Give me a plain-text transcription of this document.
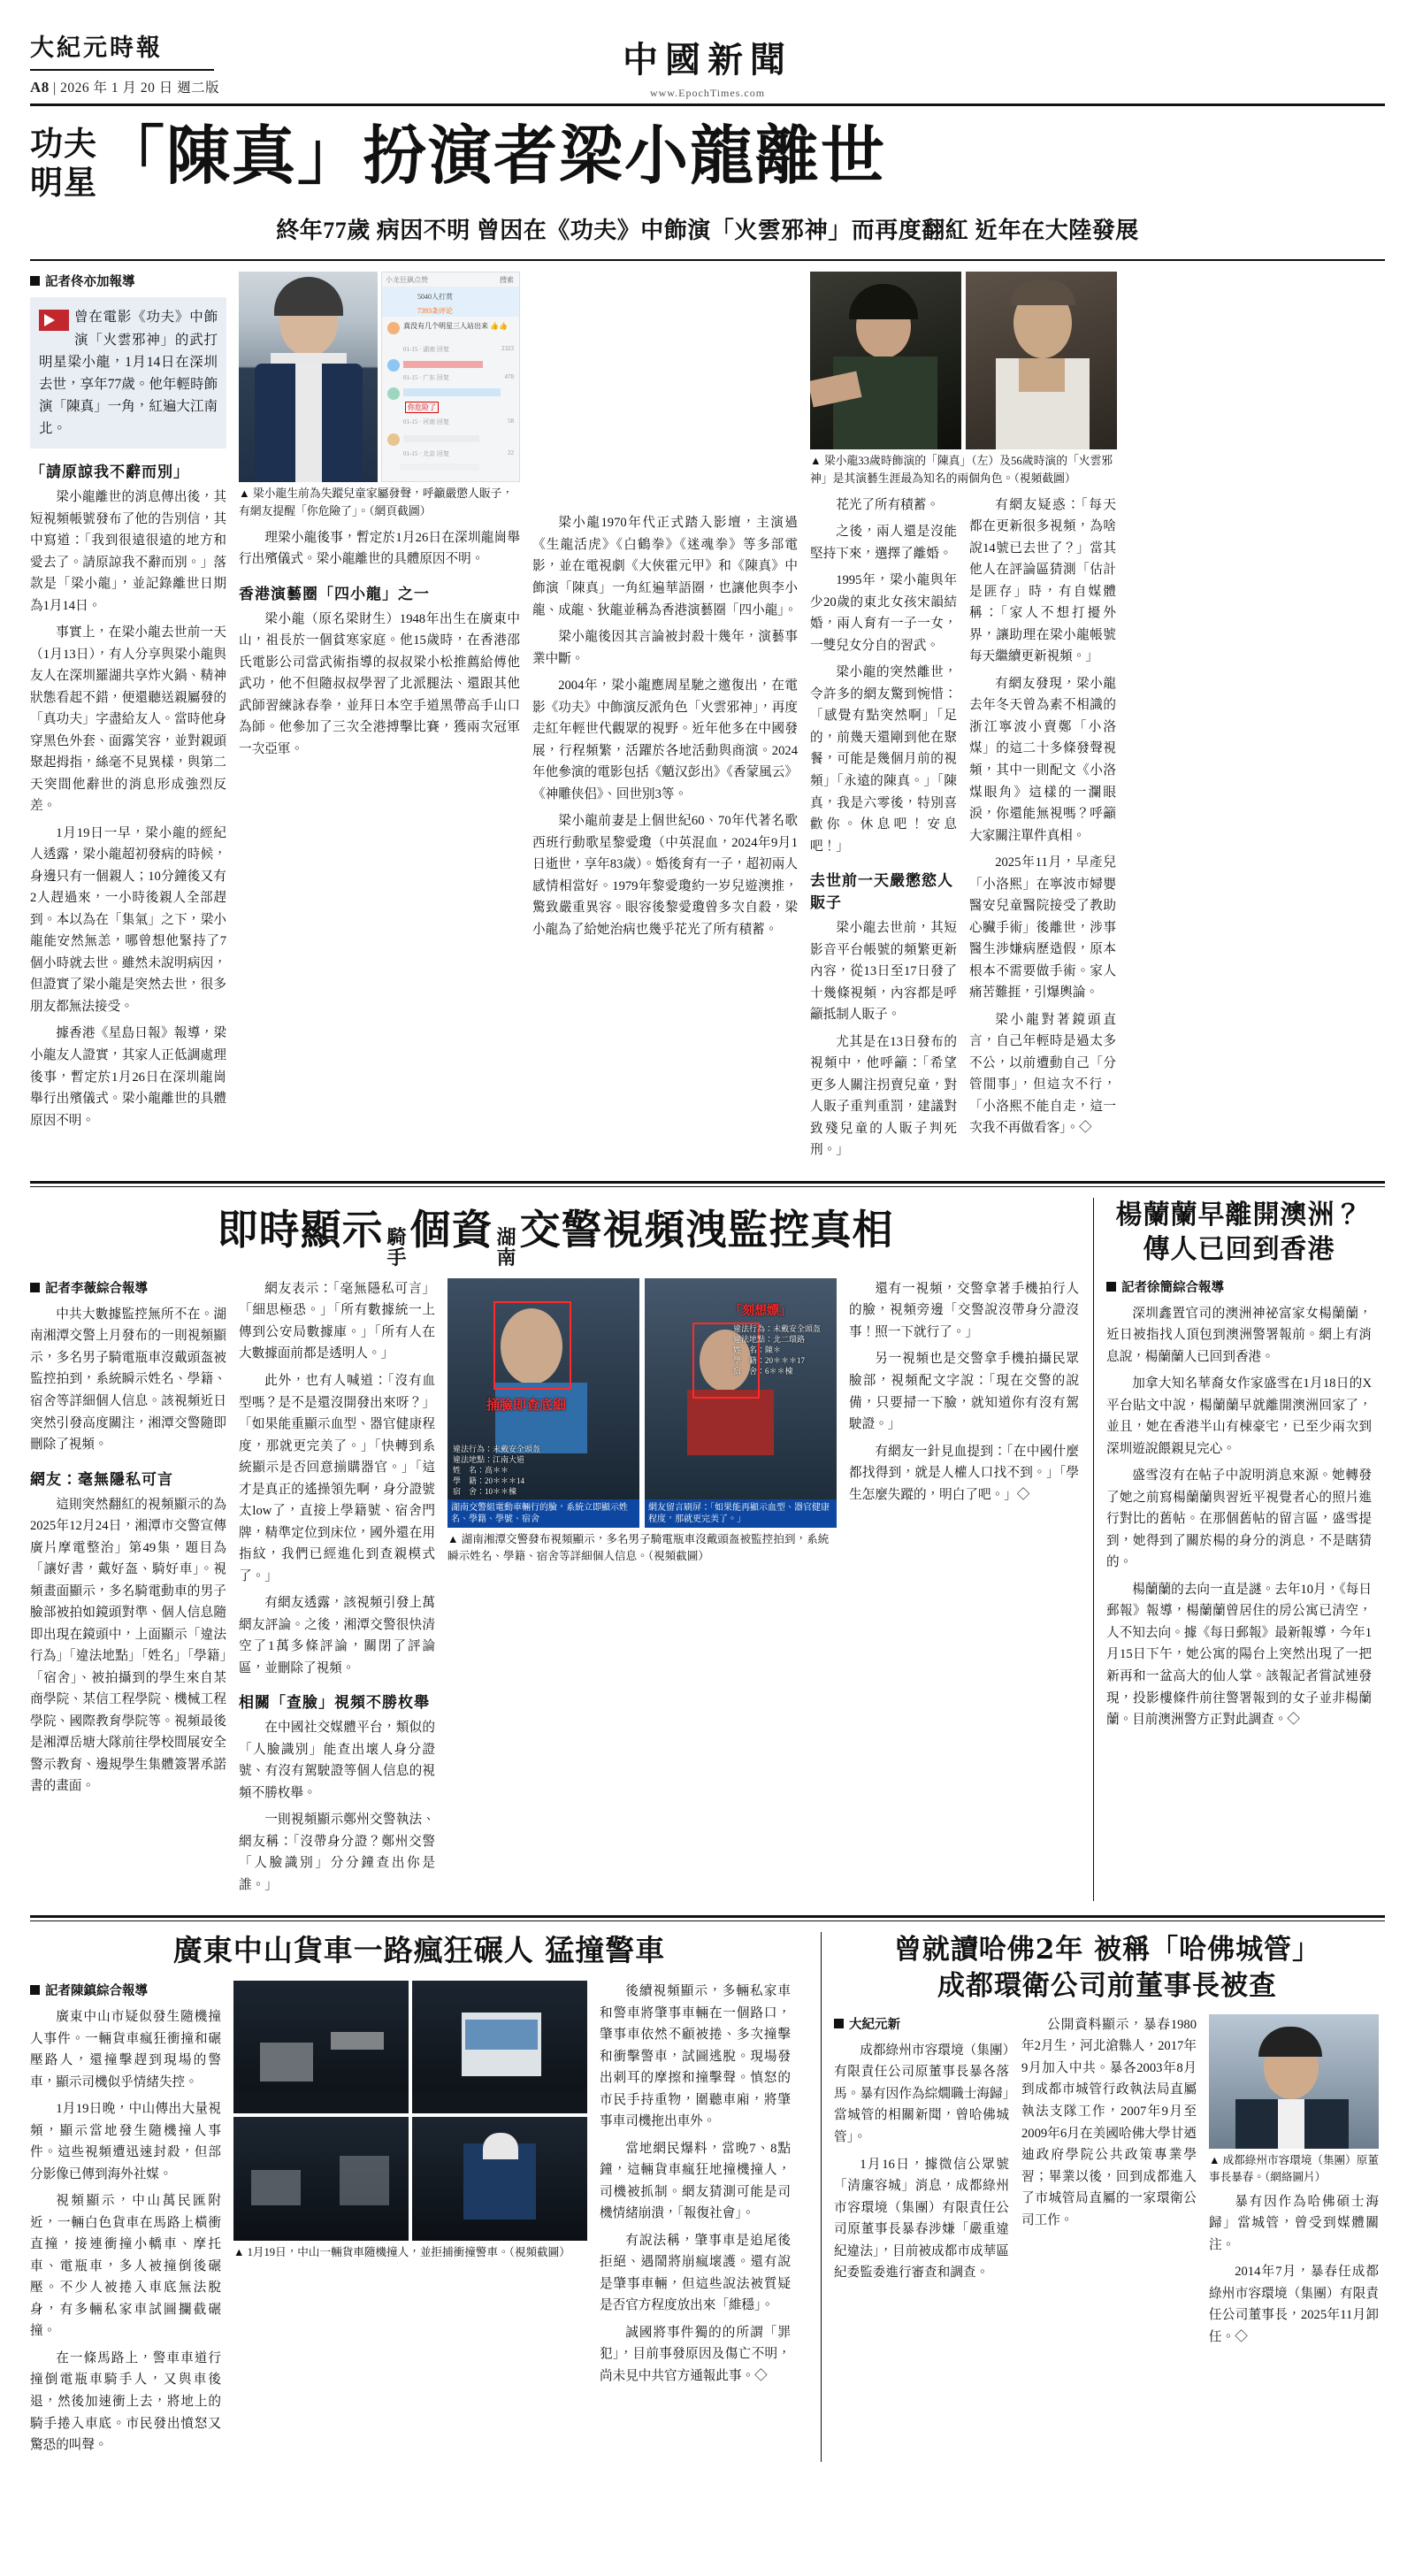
大紀元時報
A8 | 2026 年 1 月 20 日 週二版
中國新聞
www.EpochTimes.com
功夫
明星 「陳真」扮演者梁小龍離世
終年77歲 病因不明 曾因在《功夫》中飾演「火雲邪神」而再度翻紅 近年在大陸發展
記者佟亦加報導
曾在電影《功夫》中飾演「火雲邪神」的武打明星梁小龍，1月14日在深圳去世，享年77歲。他年輕時飾演「陳真」一角，紅遍大江南北。
「請原諒我不辭而別」

梁小龍離世的消息傳出後，其短視頻帳號發布了他的告別信，其中寫道：「我到很遠很遠的地方和愛去了。請原諒我不辭而別。」落款是「梁小龍」，並記錄離世日期為1月14日。

事實上，在梁小龍去世前一天（1月13日），有人分享與梁小龍與友人在深圳羅湖共享炸火鍋、精神狀態看起不錯，便還聽送親屬發的「真功夫」字盡給友人。當時他身穿黑色外套、面露笑容，並對親頭聚起拇指，絲毫不見異樣，與第二天突間他辭世的消息形成強烈反差。

1月19日一早，梁小龍的經紀人透露，梁小龍超初發病的時候，身邊只有一個親人；10分鐘後又有2人趕過來，一小時後親人全部趕到。本以為在「集氣」之下，梁小龍能安然無恙，哪曾想他緊持了7個小時就去世。雖然未說明病因，但證實了梁小龍是突然去世，很多朋友都無法接受。

據香港《星島日報》報導，梁小龍友人證實，其家人正低調處理後事，暫定於1月26日在深圳龍崗舉行出殯儀式。梁小龍離世的具體原因不明。

小龙狂飙点赞	搜索
5040人打赏
7393条评论
真没有几个明星三人站出来 👍👍
01-15 · 湖南 回复	2323
01-15 · 广东 回复	478
你危险了
01-15 · 河南 回复	58
01-15 · 北京 回复	22
▲ 梁小龍生前為失蹤兒童家屬發聲，呼籲嚴懲人販子，有網友提醒「你危險了」。（網頁截圖）

理梁小龍後事，暫定於1月26日在深圳龍崗舉行出殯儀式。梁小龍離世的具體原因不明。

香港演藝圈「四小龍」之一

梁小龍（原名梁財生）1948年出生在廣東中山，祖長於一個貧寒家庭。他15歲時，在香港邵氏電影公司當武術指導的叔叔梁小松推薦給傅他武功，他不但隨叔叔學習了北派腿法、還跟其他武師習練詠春拳，並拜日本空手道黑帶高手山口為師。他參加了三次全港搏擊比賽，獲兩次冠軍一次亞軍。

梁小龍1970年代正式踏入影壇，主演過《生龍活虎》《白鶴拳》《迷魂拳》等多部電影，並在電視劇《大俠霍元甲》和《陳真》中飾演「陳真」一角紅遍華語圈，也讓他與李小龍、成龍、狄龍並稱為香港演藝圈「四小龍」。

梁小龍後因其言論被封殺十幾年，演藝事業中斷。

2004年，梁小龍應周星馳之邀復出，在電影《功夫》中飾演反派角色「火雲邪神」，再度走紅年輕世代觀眾的視野。近年他多在中國發展，行程頻繁，活躍於各地活動與商演。2024年他參演的電影包括《魈汉彭出》《香蒙風云》《神雕侠侣》、回世別3等。

梁小龍前妻是上個世紀60、70年代著名歌西班行動歌星黎愛瓊（中英混血，2024年9月1日逝世，享年83歲）。婚後育有一子，超初兩人感情相當好。1979年黎愛瓊約一岁兒遊澳推，驚致嚴重異容。眼容後黎愛瓊曾多次自殺，梁小龍為了給她治病也幾乎花光了所有積蓄。

▲ 梁小龍33歲時飾演的「陳真」（左）及56歲時演的「火雲邪神」是其演藝生涯最為知名的兩個角色。（視頻截圖）

花光了所有積蓄。

之後，兩人還是沒能堅持下來，選擇了離婚。

1995年，梁小龍與年少20歲的東北女孩宋韻結婚，兩人育有一子一女，一雙兒女分自的習武。

梁小龍的突然離世，令許多的網友驚到惋惜：「感覺有點突然啊」「足的，前幾天還剛到他在聚餐，可能是幾個月前的視頻」「永遠的陳真。」「陳真，我是六零後，特別喜歡你。休息吧！安息吧！」

去世前一天嚴懲慾人販子

梁小龍去世前，其短影音平台帳號的頻繁更新內容，從13日至17日發了十幾條視頻，內容都是呼籲抵制人販子。

尤其是在13日發布的視頻中，他呼籲：「希望更多人關注拐賣兒童，對人販子重判重罰，建議對致殘兒童的人販子判死刑。」

有網友疑惑：「每天都在更新很多視頻，為啥說14號已去世了？」當其他人在評論區猜測「估計是匪存」時，有自媒體稱：「家人不想打擾外界，讓助理在梁小龍帳號每天繼續更新視頻。」

有網友發現，梁小龍去年冬天曾為素不相識的浙江寧波小賣鄭「小洛煤」的這二十多條發聲視頻，其中一則配文《小洛煤眼角》這樣的一瀾眼淚，你還能無視嗎？呼籲大家關注單件真相。

2025年11月，早產兒「小洛熙」在寧波市婦嬰醫安兒童醫院接受了教助心臟手術」後離世，涉事醫生涉嫌病歷造假，原本根本不需要做手術。家人痛苦難捱，引爆輿論。

梁小龍對著鏡頭直言，自己年輕時是過太多不公，以前遭動自己「分管閒事」，但這次不行，「小洛熙不能自走，這一次我不再做看客」。◇

即時顯示 騎
手
個資 湖
南
交警視頻洩監控真相
記者李薇綜合報導

中共大數據監控無所不在。湖南湘潭交警上月發布的一則視頻顯示，多名男子騎電瓶車沒戴頭盔被監控拍到，系統瞬示姓名、學籍、宿舍等詳細個人信息。該視頻近日突然引發高度關注，湘潭交警隨即刪除了視頻。

網友：毫無隱私可言

這則突然翻紅的視頻顯示的為2025年12月24日，湘潭市交警宣傳廣片摩電整治」第49集，題目為「讓好書，戴好盔、騎好車」。視頻畫面顯示，多名騎電動車的男子臉部被拍如鏡頭對準、個人信息隨即出現在鏡頭中，上面顯示「違法行為」「違法地點」「姓名」「學籍」「宿舍」、被拍攝到的學生來自某商學院、某信工程學院、機械工程學院、國際教育學院等。視頻最後是湘潭岳塘大隊前往學校間展安全警示教育、邊規學生集體簽署承諾書的畫面。

網友表示：「毫無隱私可言」「細思極恐。」「所有數據統一上傳到公安局數據庫。」「所有人在大數據面前都是透明人。」

此外，也有人喊道：「沒有血型嗎？是不是還沒開發出來呀？」「如果能重顯示血型、器官健康程度，那就更完美了。」「快轉到系統顯示是否回意揃購器官。」「這才是真正的遙操領先啊，身分證號太low了，直接上學籍號、宿舍門牌，精準定位到床位，國外還在用指紋，我們已經進化到查親模式了。」

有網友透露，該視頻引發上萬網友評論。之後，湘潭交警很快清空了1萬多條評論，關閉了評論區，並刪除了視頻。

相關「查臉」視頻不勝枚舉

在中國社交媒體平台，類似的「人臉識別」能查出壞人身分證號、有沒有駕駛證等個人信息的視頻不勝枚舉。

一則視頻顯示鄭州交警執法、網友稱：「沒帶身分證？鄭州交警「人臉識別」分分鐘查出你是誰。」

捅臉即查底細
違法行為：未戴安全頭盔
違法地點：江南大道
姓　名：高＊＊
學　籍：20＊＊＊14
宿　舍：10＊＊棟
湖南交警組電動車輛行的臉，系統立即顯示姓名、學籍、學號、宿舍
「刻想嫖」
違法行為：未戴安全頭盔
違法地點：北二環路
姓　名：陳＊
學　籍：20＊＊＊17
宿　舍：6＊＊棟
網友留言刷屏：「如果能再顯示血型、器官健康程度，那就更完美了。」
▲ 湖南湘潭交警發布視頻顯示，多名男子騎電瓶車沒戴頭盔被監控拍到，系統瞬示姓名、學籍、宿舍等詳細個人信息。（視頻截圖）

還有一視頻，交警拿著手機拍行人的臉，視頻旁邊「交警說沒帶身分證沒事！照一下就行了。」

另一視頻也是交警拿手機拍攝民眾臉部，視頻配文字說：「現在交警的說備，只要掃一下臉，就知道你有沒有駕駛證。」

有網友一針見血提到：「在中國什麼都找得到，就是人權人口找不到。」「學生怎麼失蹤的，明白了吧。」◇

楊蘭蘭早離開澳洲？
傳人已回到香港
記者徐簡綜合報導

深圳鑫置官司的澳洲神祕富家女楊蘭蘭，近日被指找人頂包到澳洲警署報前。網上有消息說，楊蘭蘭人已回到香港。

加拿大知名華裔女作家盛雪在1月18日的X平台貼文中說，楊蘭蘭早就離開澳洲回家了，並且，她在香港半山有棟豪宅，已至少兩次到深圳遊說餵親見完心。

盛雪沒有在帖子中說明消息來源。她轉發了她之前寫楊蘭蘭與習近平視覺者心的照片進行對比的舊帖。在那個舊帖的留言區，盛雪提到，她得到了關於楊的身分的消息，不是瞎猜的。

楊蘭蘭的去向一直是謎。去年10月，《每日郵報》報導，楊蘭蘭曾居住的房公寓已清空，人不知去向。據《每日郵報》最新報導，今年1月15日下午，她公寓的陽台上突然出現了一把新再和一盆高大的仙人掌。該報記者嘗試連發現，投影樓條件前往警署報到的女子並非楊蘭蘭。目前澳洲警方正對此調查。◇

廣東中山貨車一路瘋狂碾人 猛撞警車
記者陳鎮綜合報導

廣東中山市疑似發生隨機撞人事件。一輛貨車瘋狂衝撞和碾壓路人，還撞擊趕到現場的警車，顯示司機似乎情緒失控。

1月19日晚，中山傳出大量視頻，顯示當地發生隨機撞人事件。這些視頻遭迅速封殺，但部分影像已傳到海外社媒。

視頻顯示，中山萬民匯附近，一輛白色貨車在馬路上橫衝直撞，接連衝撞小轎車、摩托車、電瓶車，多人被撞倒後碾壓。不少人被捲入車底無法脫身，有多輛私家車試圖攔截碾撞。

在一條馬路上，警車車道行撞倒電瓶車騎手人，又與車後退，然後加速衝上去，將地上的騎手捲入車底。市民發出憤怒又驚恐的叫聲。

▲ 1月19日，中山一輛貨車隨機撞人，並拒捕衝撞警車。（視頻截圖）

後續視頻顯示，多輛私家車和警車將肇事車輛在一個路口，肇事車依然不顧被捲、多次撞擊和衝擊警車，試圖逃脫。現場發出刺耳的摩擦和撞擊聲。慎怒的市民手持重物，圍聽車廂，將肇事車司機拖出車外。

當地網民爆料，當晚7、8點鐘，這輛貨車瘋狂地撞機撞人，司機被抓制。網友猜測可能是司機情緒崩潰，「報復社會」。

有說法稱，肇事車是追尾後拒絕、遇鬧將崩瘋壞護。還有說是肇事車輛，但這些說法被質疑是否官方程度放出來「維穩」。

誠國將事件獨的的所謂「罪犯」，目前事發原因及傷亡不明，尚未見中共官方通報此事。◇

曾就讀哈佛2年 被稱「哈佛城管」
成都環衛公司前董事長被查
大紀元新

成都綠州市容環境（集團）有限責任公司原董事長暴各落馬。暴有因作為綜燗職士海歸」當城管的相關新聞，曾哈佛城管」。

1月16日，據微信公眾號「清廉容城」消息，成都綠州市容環境（集團）有限責任公司原董事長暴春涉嫌「嚴重違紀違法」，目前被成都市成華區紀委監委進行審查和調查。

公開資料顯示，暴春1980年2月生，河北滄縣人，2017年9月加入中共。暴各2003年8月到成都市城管行政執法局直屬執法支隊工作，2007年9月至2009年6月在美國哈佛大學甘迺迪政府學院公共政策專業學習；畢業以後，回到成都進入了市城管局直屬的一家環衛公司工作。

▲ 成都綠州市容環境（集團）原董事長暴春。（網絡圖片）

暴有因作為哈佛碩士海歸」當城管，曾受到媒體關注。

2014年7月，暴春任成都綠州市容環境（集團）有限責任公司董事長，2025年11月卸任。◇
